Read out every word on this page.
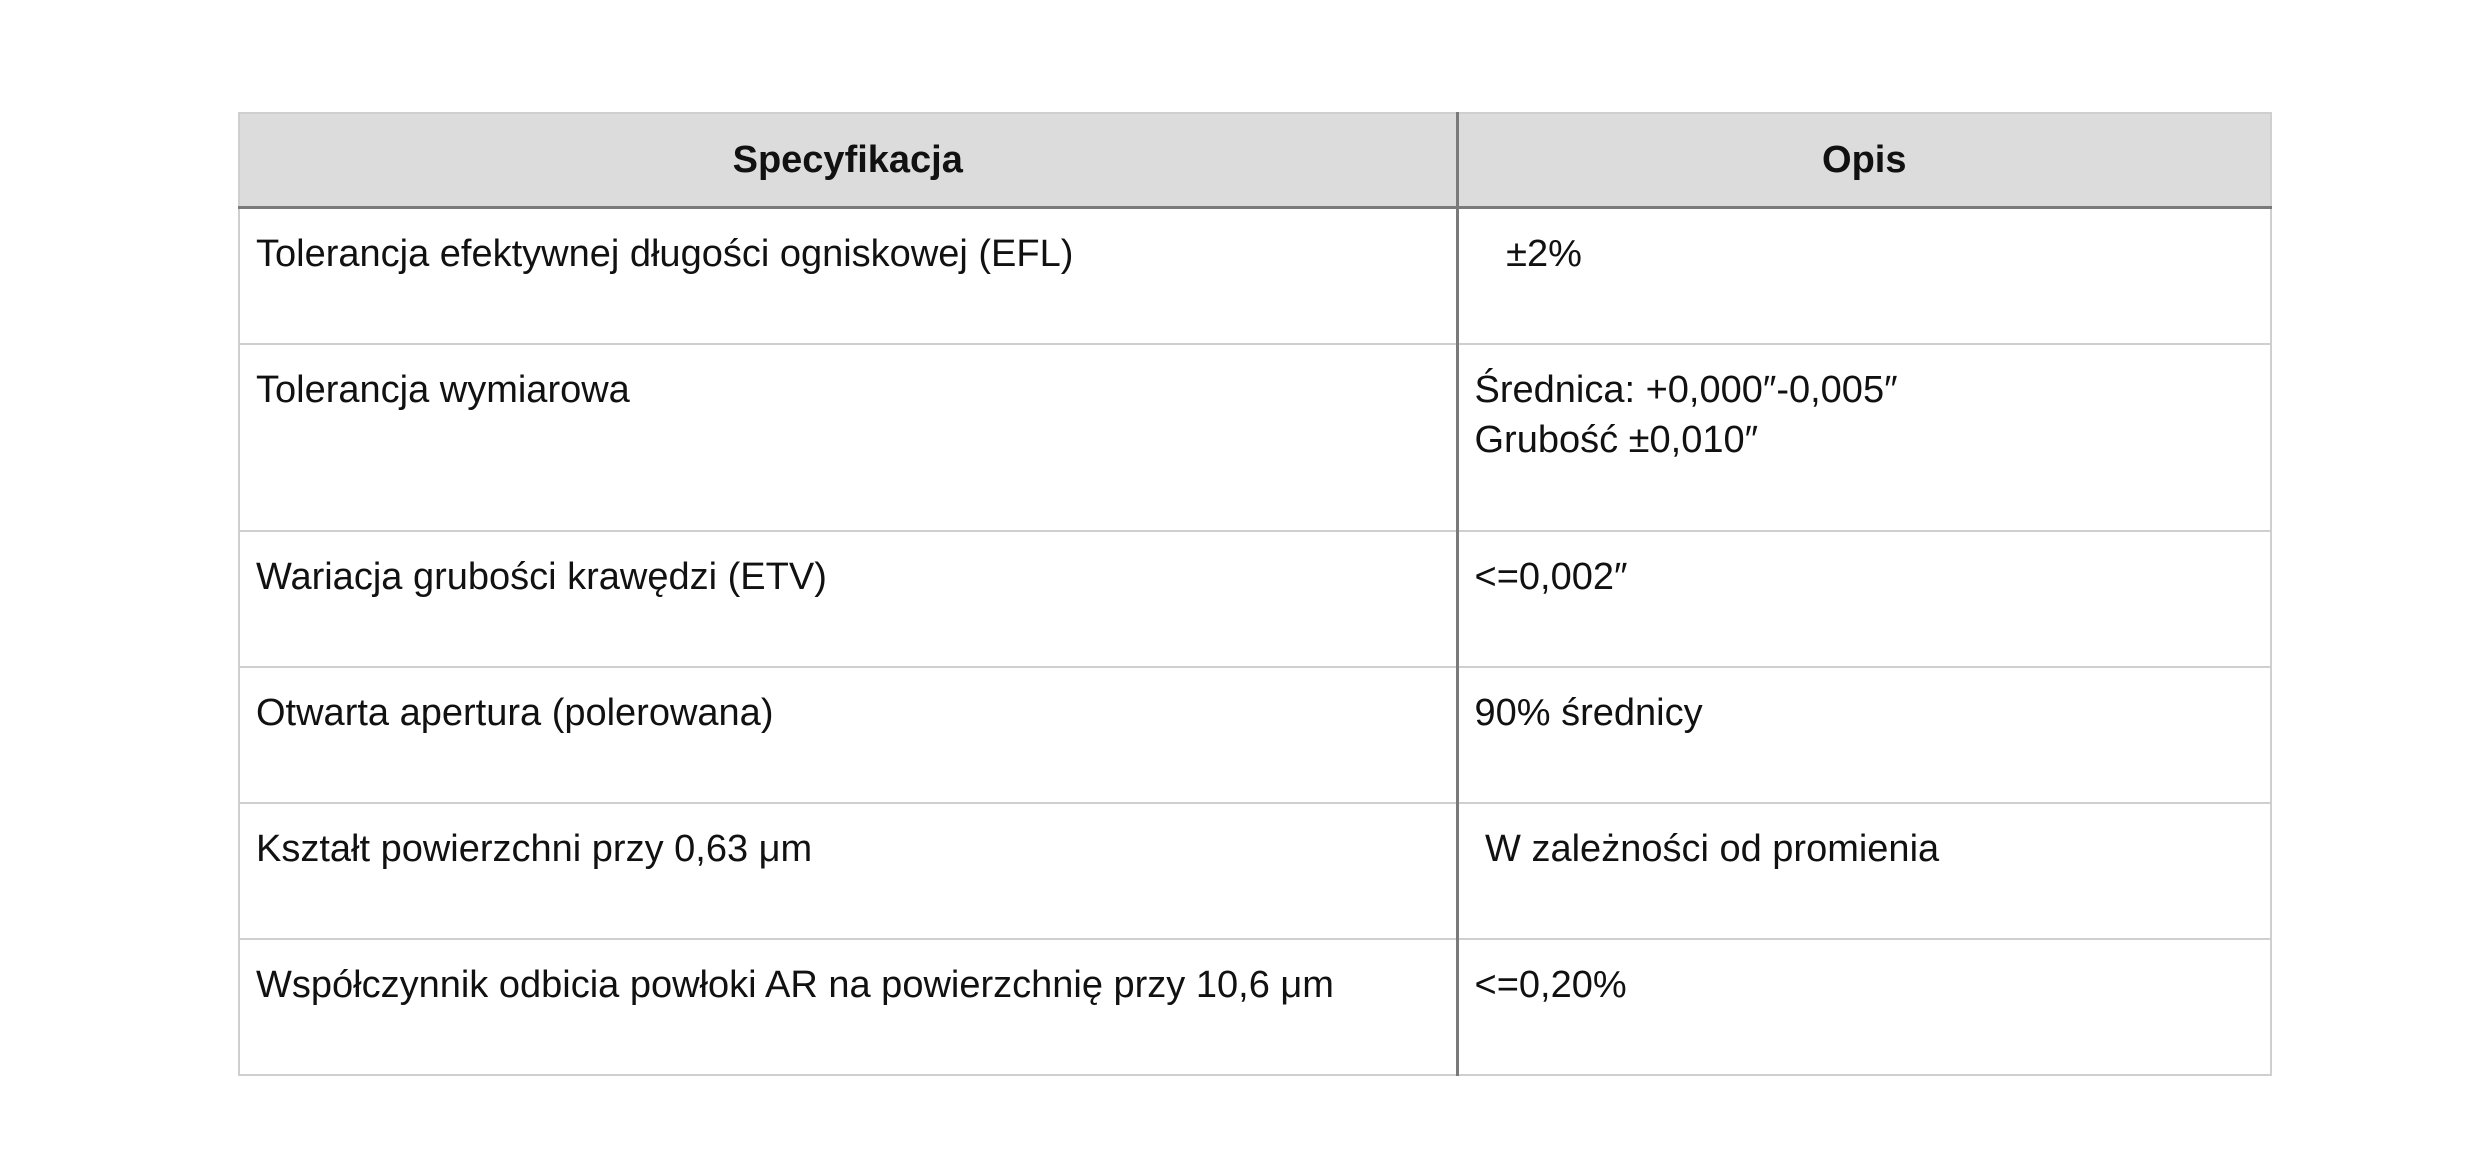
Specyfikacja	Opis
Tolerancja efektywnej długości ogniskowej (EFL)	±2%

Tolerancja wymiarowa	Średnica: +0,000″-0,005″
Grubość ±0,010″

Wariacja grubości krawędzi (ETV)	<=0,002″

Otwarta apertura (polerowana)	90% średnicy

Kształt powierzchni przy 0,63 μm	W zależności od promienia

Współczynnik odbicia powłoki AR na powierzchnię przy 10,6 μm	<=0,20%
